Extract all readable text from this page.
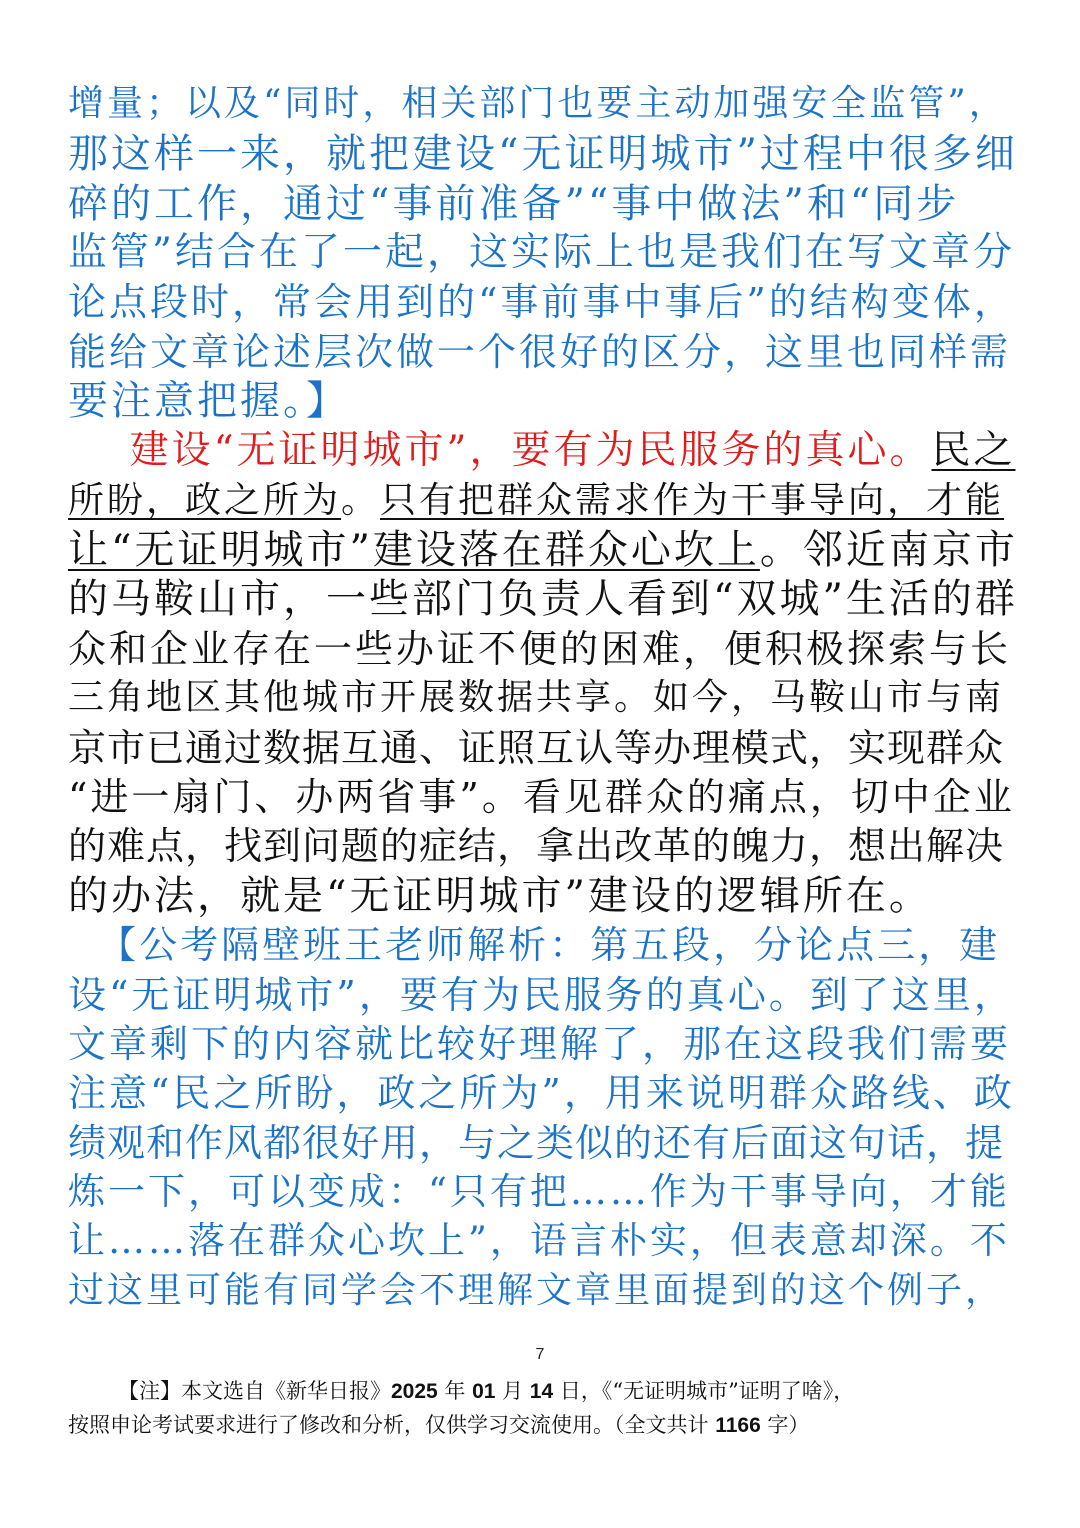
增量；以及“同时，相关部门也要主动加强安全监管”，
那这样一来，就把建设“无证明城市”过程中很多细
碎的工作，通过“事前准备”“事中做法”和“同步
监管”结合在了一起，这实际上也是我们在写文章分
论点段时，常会用到的“事前事中事后”的结构变体，
能给文章论述层次做一个很好的区分，这里也同样需
要注意把握。】
建设“无证明城市”，要有为民服务的真心。民之
所盼，政之所为。只有把群众需求作为干事导向，才能
让“无证明城市”建设落在群众心坎上。邻近南京市
的马鞍山市，一些部门负责人看到“双城”生活的群
众和企业存在一些办证不便的困难，便积极探索与长
三角地区其他城市开展数据共享。如今，马鞍山市与南
京市已通过数据互通、证照互认等办理模式，实现群众
“进一扇门、办两省事”。看见群众的痛点，切中企业
的难点，找到问题的症结，拿出改革的魄力，想出解决
的办法，就是“无证明城市”建设的逻辑所在。
【公考隔壁班王老师解析：第五段，分论点三，建
设“无证明城市”，要有为民服务的真心。到了这里，
文章剩下的内容就比较好理解了，那在这段我们需要
注意“民之所盼，政之所为”，用来说明群众路线、政
绩观和作风都很好用，与之类似的还有后面这句话，提
炼一下，可以变成：“只有把……作为干事导向，才能
让……落在群众心坎上”，语言朴实，但表意却深。不
过这里可能有同学会不理解文章里面提到的这个例子，
7
【注】本文选自《新华日报》2025 年 01 月 14 日，《“无证明城市”证明了啥》，
按照申论考试要求进行了修改和分析，仅供学习交流使用。（全文共计 1166 字）
